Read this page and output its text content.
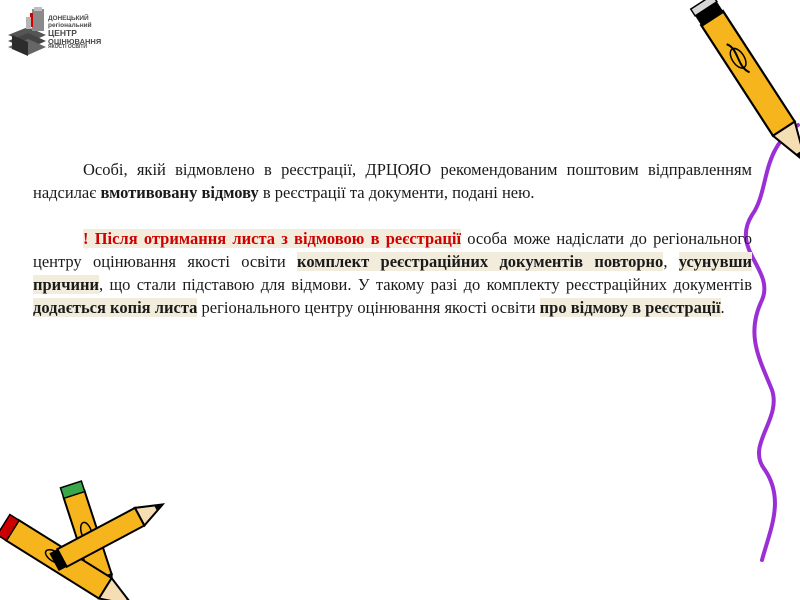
ДОНЕЦЬКИЙ
регіональний
ЦЕНТР
ОЦІНЮВАННЯ
ЯКОСТІ ОСВІТИ

Особі, якій відмовлено в реєстрації, ДРЦОЯО рекомендованим поштовим відправленням надсилає вмотивовану відмову в реєстрації та документи, подані нею.

! Після отримання листа з відмовою в реєстрації особа може надіслати до регіонального центру оцінювання якості освіти комплект реєстраційних документів повторно, усунувши причини, що стали підставою для відмови. У такому разі до комплекту реєстраційних документів додається копія листа регіонального центру оцінювання якості освіти про відмову в реєстрації.
